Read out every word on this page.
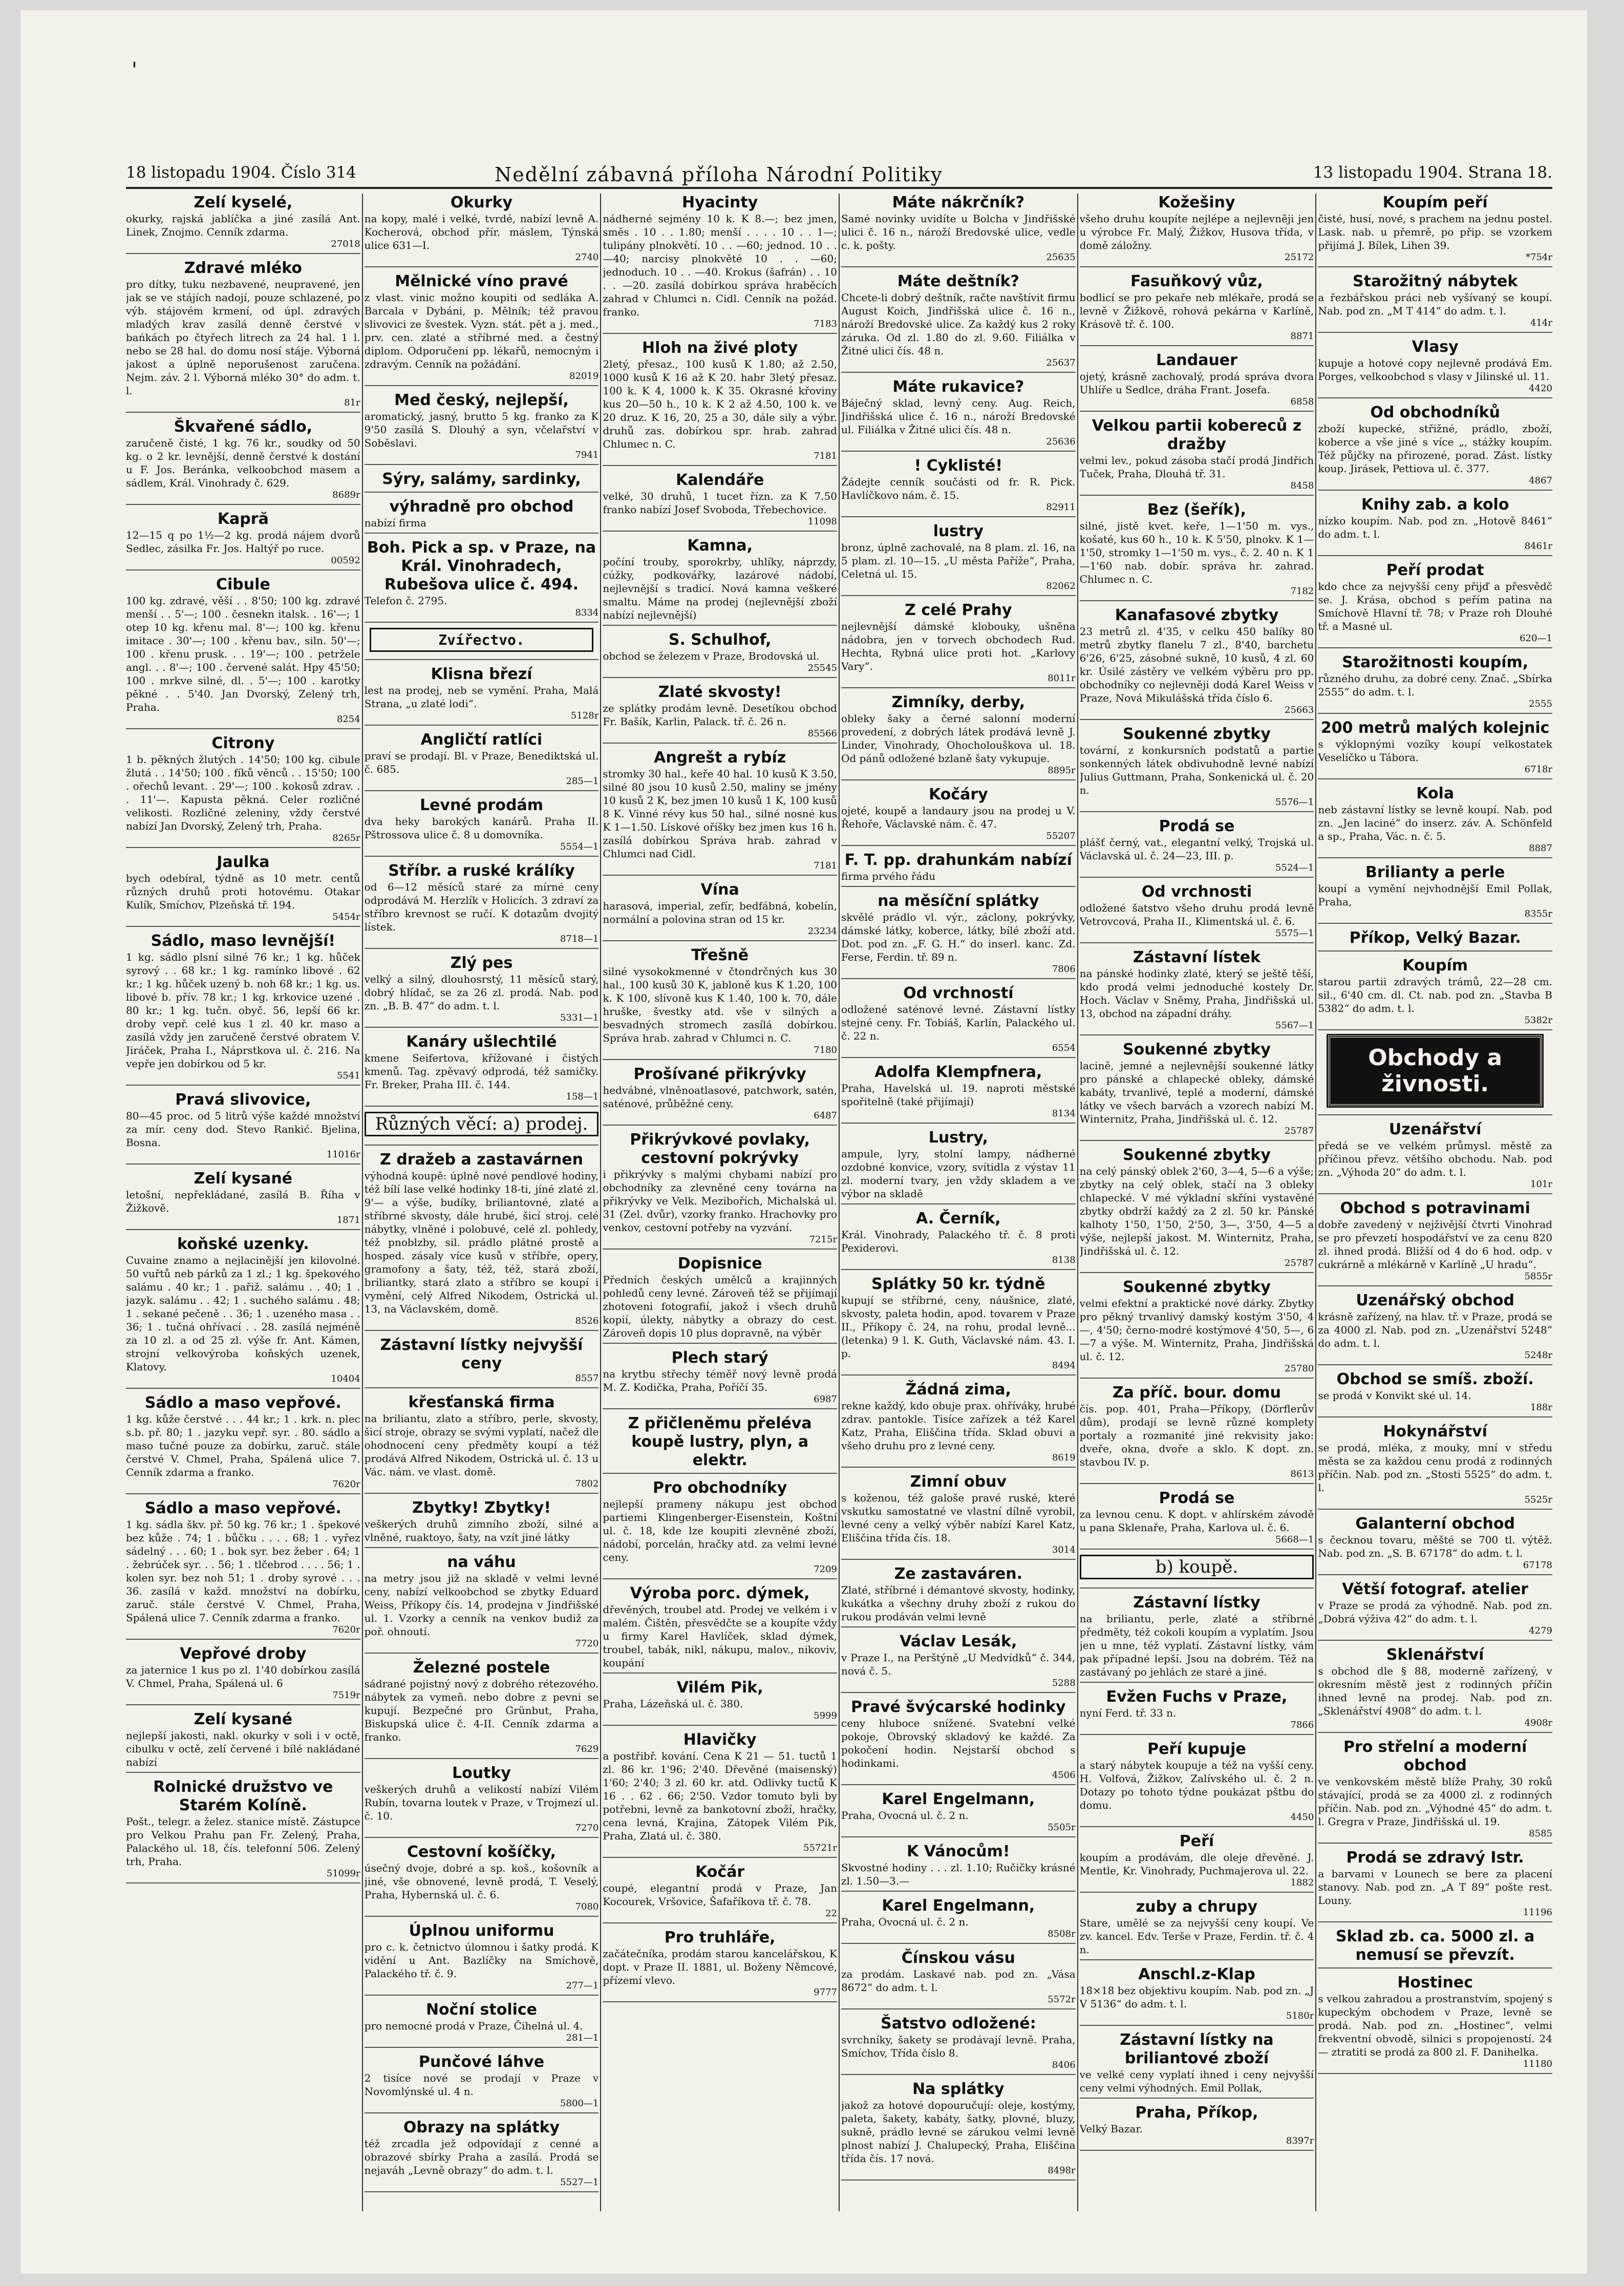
'
18 listopadu 1904. Číslo 314	Nedělní zábavná příloha Národní Politiky	13 listopadu 1904. Strana 18.
Zelí kyselé,
okurky, rajská jablíčka a jiné zasílá Ant. Linek, Znojmo. Cenník zdarma.
27018
Zdravé mléko
pro dítky, tuku nezbavené, neupravené, jen jak se ve stájích nadojí, pouze schlazené, po výb. stájovém krmení, od úpl. zdravých mladých krav zasílá denně čerstvé v bańkách po čtyřech litrech za 24 hal. 1 l. nebo se 28 hal. do domu nosí stáje. Výborná jakost a úplně neporušenost zaručena. Nejm. záv. 2 l. Výborná mléko 30° do adm. t. l.
81r
Škvařené sádlo,
zaručeně čisté, 1 kg. 76 kr., soudky od 50 kg. o 2 kr. levnější, denně čerstvé k dostání u F. Jos. Beránka, velkoobchod masem a sádlem, Král. Vinohrady č. 629.
8689r
Kapră
12—15 q po 1½—2 kg. prodá nájem dvorů Sedlec, zásilka Fr. Jos. Haltýř po ruce.
00592
Cibule
100 kg. zdravé, věší . . 8'50; 100 kg. zdravé menší . . 5'—; 100 . česnekn italsk. . 16'—; 1 otep 10 kg. křenu mal. 8'—; 100 kg. křenu imitace . 30'—; 100 . křenu bav., siln. 50'—; 100 . křenu prusk. . . 19'—; 100 . petržele angl. . . 8'—; 100 . červené salát. Hpy 45'50; 100 . mrkve silné, dl. . 5'—; 100 . karotky pěkné . . 5'40. Jan Dvorský, Zelený trh, Praha.
8254
Citrony
1 b. pěkných žlutých . 14'50; 100 kg. cibule žlutá . . 14'50; 100 . fíků věnců . . 15'50; 100 . ořechů levant. . 29'—; 100 . kokosů zdrav. . . 11'—. Kapusta pěkná. Celer rozličné velikosti. Rozličné zeleniny, vždy čerstvé nabízí Jan Dvorský, Zelený trh, Praha.
8265r
Jaulka
bych odebíral, týdně as 10 metr. centů různých druhů proti hotovému. Otakar Kulík, Smíchov, Plzeňská tř. 194.
5454r
Sádlo, maso levnější!
1 kg. sádlo plsní silné 76 kr.; 1 kg. hůček syrový . . 68 kr.; 1 kg. ramínko libové . 62 kr.; 1 kg. hůček uzený b. noh 68 kr.; 1 kg. us. libové b. přív. 78 kr.; 1 kg. krkovice uzené . 80 kr.; 1 kg. tučn. obyč. 56, lepší 66 kr. droby vepř. celé kus 1 zl. 40 kr. maso a zasílá vždy jen zaručeně čerstvé obratem V. Jiráček, Praha I., Náprstkova ul. č. 216. Na vepře jen dobírkou od 5 kr.
5541
Pravá slivovice,
80—45 proc. od 5 litrů výše každé množství za mír. ceny dod. Stevo Rankić. Bjelina, Bosna.
11016r
Zelí kysané
letošní, nepřekládané, zasílá B. Říha v Žižkově.
1871
koňské uzenky.
Cuvaine znamo a nejlacinější jen kilovolné. 50 vuřtů neb párků za 1 zl.; 1 kg. špekového salámu . 40 kr.; 1 . pařiž. salámu . . 40; 1 . jazyk. salámu . . 42; 1 . suchého salámu . 48; 1 . sekané pečeně . . 36; 1 . uzeného masa . . 36; 1 . tučná ohřívací . . 28. zasílá nejméně za 10 zl. a od 25 zl. výše fr. Ant. Kámen, strojní velkovýroba koňských uzenek, Klatovy.
10404
Sádlo a maso vepřové.
1 kg. kůže čerstvé . . . 44 kr.; 1 . krk. n. plec s.b. př. 80; 1 . jazyku vepř. syr. . 80. sádlo a maso tučné pouze za dobírku, zaruč. stále čerstvé V. Chmel, Praha, Spálená ulice 7. Cenník zdarma a franko.
7620r
Sádlo a maso vepřové.
1 kg. sádla škv. př. 50 kg. 76 kr.; 1 . špekové bez kůže . 74; 1 . bůčku . . . . 68; 1 . vyřez sádelný . . . 60; 1 . bok syr. bez žeber . 64; 1 . žebrúček syr. . . 56; 1 . tlčebrod . . . . 56; 1 . kolen syr. bez noh 51; 1 . droby syrové . . . 36. zasílá v každ. množství na dobírku, zaruč. stále čerstvé V. Chmel, Praha, Spálená ulice 7. Cenník zdarma a franko.
7620r
Vepřové droby
za jaternice 1 kus po zl. 1'40 dobírkou zasílá V. Chmel, Praha, Spálená ul. 6
7519r
Zelí kysané
nejlepší jakosti, nakl. okurky v soli i v octě, cibulku v octě, zelí červené i bílé nakládané nabízí
Rolnické družstvo ve Starém Kolíně.
Pošt., telegr. a želez. stanice místě. Zástupce pro Velkou Prahu pan Fr. Zelený, Praha, Palackého ul. 18, čís. telefonní 506. Zelený trh, Praha.
51099r
Okurky
na kopy, malé i velké, tvrdé, nabízí levně A. Kocherová, obchod přír. máslem, Týnská ulice 631—I.
2740
Mělnické víno pravé
z vlast. vinic možno koupiti od sedláka A. Barcala v Dybáni, p. Mělník; též pravou slivovici ze švestek. Vyzn. stát. pět a j. med., prv. cen. zlaté a stříbrné med. a čestný diplom. Odporučení pp. lékařů, nemocným i zdravým. Cenník na požádání.
82019
Med český, nejlepší,
aromatický, jasný, brutto 5 kg. franko za K 9'50 zasílá S. Dlouhý a syn, včelařství v Soběslavi.
7941
Sýry, salámy, sardinky,
výhradně pro obchod
nabízí firma
Boh. Pick a sp. v Praze, na Král. Vinohradech, Rubešova ulice č. 494.
Telefon č. 2795.
8334
Zvířectvo.
Klisna březí
lest na prodej, neb se vymění. Praha, Malá Strana, „u zlaté lodi“.
5128r
Angličtí ratlíci
praví se prodají. Bl. v Praze, Benediktská ul. č. 685.
285—1
Levné prodám
dva heky barokých kanárů. Praha II. Pštrossova ulice č. 8 u domovníka.
5554—1
Stříbr. a ruské králíky
od 6—12 měsíců staré za mírné ceny odprodává M. Herzlík v Holicích. 3 zdraví za stříbro krevnost se ručí. K dotazům dvojitý lístek.
8718—1
Zlý pes
velký a silný, dlouhosrstý, 11 měsíců starý, dobrý hlídač, se za 26 zl. prodá. Nab. pod zn. „B. B. 47“ do adm. t. l.
5331—1
Kanáry ušlechtilé
kmene Seifertova, křížované i čistých kmenů. Tag. zpěvavý odprodá, též samičky. Fr. Breker, Praha III. č. 144.
158—1
Různých věcí: a) prodej.
Z dražeb a zastavárnen
výhodná koupě: úplně nové pendlové hodiny, též bílí lase velké hodinky 18-ti, jíné zlaté zl. 9'— a výše, budíky, briliantovné, zlaté a stříbrné skvosty, dále hrubé, šicí stroj. celé nábytky, vlněné i polobuvé, celé zl. pohledy, též pnoblzby, sil. prádlo plátné prostě a hosped. zásaly více kusů v stříbře, opery, gramofony a šaty, též, též, stará zboží, briliantky, stará zlato a stříbro se koupí i vymění, celý Alfred Nikodem, Ostrická ul. 13, na Václavském, domě.
8526
Zástavní lístky nejvyšší ceny
8557
křesťanská firma
na briliantu, zlato a stříbro, perle, skvosty, šicí stroje, obrazy se svými vyplatí, načež dle ohodnocení ceny předměty koupí a též prodává Alfred Nikodem, Ostrická ul. č. 13 u Vác. nám. ve vlast. domě.
7802
Zbytky! Zbytky!
veškerých druhů zimního zboží, silné a vlněné, ruaktoyo, šaty, na vzít jiné látky
na váhu
na metry jsou již na skladě v velmi levné ceny, nabízí velkoobchod se zbytky Eduard Weiss, Příkopy čís. 14, prodejna v Jindřišské ul. 1. Vzorky a cenník na venkov budiž za poř. ohnoutí.
7720
Železné postele
sádrané pojistný nový z dobrého rétezového. nábytek za vymeň. nebo dobre z pevni se kupují. Bezpečné pro Grünbut, Praha, Biskupská ulice č. 4-II. Cenník zdarma a franko.
7629
Loutky
veškerých druhů a velikostí nabízí Vilém Rubín, tovarna loutek v Praze, v Trojmezí ul. č. 10.
7270
Cestovní košíčky,
úsečný dvoje, dobré a sp. koš., košovník a jiné, vše obnovené, levně prodá, T. Veselý, Praha, Hybernská ul. č. 6.
7080
Úplnou uniformu
pro c. k. četnictvo úlomnou i šatky prodá. K vidění u Ant. Bazlíčky na Smíchově, Palackého tř. č. 9.
277—1
Noční stolice
pro nemocné prodá v Praze, Čihelná ul. 4.
281—1
Punčové láhve
2 tisíce nové se prodají v Praze v Novomlýnské ul. 4 n.
5800—1
Obrazy na splátky
též zrcadla jež odpovídají z cenné a obrazové sbírky Praha a zasílá. Prodá se nejaváh „Levně obrazy“ do adm. t. l.
5527—1
Hyacinty
nádherné sejmény 10 k. K 8.—; bez jmen, směs . 10 . . 1.80; menší . . . . 10 . . 1—; tulipány plnokvětí. 10 . . —60; jednod. 10 . . —40; narcisy plnokvěté 10 . . —60; jednoduch. 10 . . —40. Krokus (šafrán) . . 10 . . —20. zasílá dobírkou správa hraběcích zahrad v Chlumci n. Cidl. Cenník na požád. franko.
7183
Hloh na živé ploty
2letý, přesaz., 100 kusů K 1.80; až 2.50, 1000 kusů K 16 až K 20. habr 3letý přesaz. 100 k. K 4, 1000 k. K 35. Okrasné křoviny kus 20—50 h., 10 k. K 2 až 4.50, 100 k. ve 20 druz. K 16, 20, 25 a 30, dále sily a výbr. druhů zas. dobírkou spr. hrab. zahrad Chlumec n. C.
7181
Kalendáře
velké, 30 druhů, 1 tucet řízn. za K 7.50 franko nabízí Josef Svoboda, Třebechovice.
11098
Kamna,
počíní trouby, sporokrby, uhlíky, náprzdy, cúžky, podkovářky, lazárové nádobí, nejlevnější s tradicí. Nová kamna veškeré smaltu. Máme na prodej (nejlevnější zboží nabízí nejlevnější)
S. Schulhof,
obchod se železem v Praze, Brodovská ul.
25545
Zlaté skvosty!
ze splátky prodám levně. Desetíkou obchod Fr. Bašík, Karlin, Palack. tř. č. 26 n.
85566
Angrešt a rybíz
stromky 30 hal., keře 40 hal. 10 kusů K 3.50, silné 80 jsou 10 kusů 2.50, maliny se jmény 10 kusů 2 K, bez jmen 10 kusů 1 K, 100 kusů 8 K. Vinné révy kus 50 hal., silné nosné kus K 1—1.50. Lískové oříšky bez jmen kus 16 h. zasílá dobírkou Správa hrab. zahrad v Chlumci nad Cidl.
7181
Vína
harasová, imperial, zefír, bedfábná, kobelín, normální a polovina stran od 15 kr.
23234
Třešně
silné vysokokmenné v čtondrčných kus 30 hal., 100 kusů 30 K, jabloně kus K 1.20, 100 k. K 100, slívoně kus K 1.40, 100 k. 70, dále hruške, švestky atd. vše v silných a besvadných stromech zasílá dobírkou. Správa hrab. zahrad v Chlumci n. C.
7180
Prošívané přikrývky
hedvábné, vlněnoatlasové, patchwork, satén, saténové, průběžné ceny.
6487
Přikrývkové povlaky, cestovní pokrývky
i přikrývky s malými chybami nabízí pro obchodníky za zlevněné ceny továrna na přikrývky ve Velk. Mezibořích, Michalská ul. 31 (Zel. dvůr), vzorky franko. Hrachovky pro venkov, cestovní potřeby na vyzvání.
7215r
Dopisnice
Předních českých umělců a krajinných pohledů ceny levné. Zároveň též se přijímají zhotoveni fotografií, jakož i všech druhů kopií, úlekty, nábytky a obrazy do cest. Zároveň dopis 10 plus dopravně, na výběr
Plech starý
na krytbu střechy téměř nový levně prodá M. Z. Kodička, Praha, Poříčí 35.
6987
Z přičleněmu přeléva koupě lustry, plyn, a elektr.
Pro obchodníky
nejlepší prameny nákupu jest obchod partiemi Klingenberger-Eisenstein, Koštní ul. č. 18, kde lze koupiti zlevněné zboží, nádobí, porcelán, hračky atd. za velmi levné ceny.
7209
Výroba porc. dýmek,
dřevěných, troubel atd. Prodej ve velkém i v malém. Čištěn, přesvědčte se a koupíte vždy u firmy Karel Havlíček, sklad dýmek, troubel, tabák, nikl, nákupu, malov., nikoviv, koupání
Vilém Pik,
Praha, Lázeňská ul. č. 380.
5999
Hlavičky
a postřibř. kování. Cena K 21 — 51. tuctů 1 zl. 86 kr. 1'96; 2'40. Dřevěné (maisenský) 1'60; 2'40; 3 zl. 60 kr. atd. Odlivky tuctů K 16 . . 62 . 66; 2'50. Vzdor tomuto byli by potřebni, levně za bankotovní zboží, hračky, cena levná, Krajina, Zátopek Vilém Pik, Praha, Zlatá ul. č. 380.
55721r
Kočár
coupé, elegantní prodá v Praze, Jan Kocourek, Vršovice, Šafaříkova tř. č. 78.
22
Pro truhláře,
začátečníka, prodám starou kancelářskou, K dopt. v Praze II. 1881, ul. Boženy Němcové, přízemí vlevo.
9777
Máte nákrčník?
Samé novinky uvidíte u Bolcha v Jindřišské ulici č. 16 n., nároží Bredovské ulice, vedle c. k. pošty.
25635
Máte deštník?
Chcete-li dobrý deštník, račte navštívit firmu August Koich, Jindřišská ulice č. 16 n., nároží Bredovské ulice. Za každý kus 2 roky záruka. Od zl. 1.80 do zl. 9.60. Filiálka v Žitné ulici čís. 48 n.
25637
Máte rukavice?
Báječný sklad, levný ceny. Aug. Reich, Jindřišská ulice č. 16 n., nároží Bredovské ul. Filiálka v Žitné ulici čís. 48 n.
25636
! Cyklisté!
Žádejte cenník součásti od fr. R. Pick. Havlíčkovo nám. č. 15.
82911
lustry
bronz, úplně zachovalé, na 8 plam. zl. 16, na 5 plam. zl. 10—15. „U města Paříže“, Praha, Celetná ul. 15.
82062
Z celé Prahy
nejlevnější dámské klobouky, ušněna nádobra, jen v torvech obchodech Rud. Hechta, Rybná ulice proti hot. „Karlovy Vary“.
8011r
Zimníky, derby,
obleky šaky a černé salonní moderní provedení, z dobrých látek prodává levně J. Linder, Vinohrady, Ohocholouškova ul. 18. Od pánů odložené bzlaně šaty vykupuje.
8895r
Kočáry
ojeté, koupě a landaury jsou na prodej u V. Řehoře, Václavské nám. č. 47.
55207
F. T. pp. drahunkám nabízí
firma prvého řádu
na měsíční splátky
skvělé prádlo vl. výr., záclony, pokrývky, dámské látky, koberce, látky, bílé zboží atd. Dot. pod zn. „F. G. H.“ do inserl. kanc. Zd. Ferse, Ferdin. tř. 89 n.
7806
Od vrchností
odložené saténové levné. Zástavní lístky stejné ceny. Fr. Tobiáš, Karlín, Palackého ul. č. 22 n.
6554
Adolfa Klempfnera,
Praha, Havelská ul. 19. naproti městské spořitelně (také přijímají)
8134
Lustry,
ampule, lyry, stolní lampy, nádherné ozdobné konvice, vzory, svítidla z výstav 11 zl. moderní tvary, jen vždy skladem a ve výbor na skladě
A. Černík,
Král. Vinohrady, Palackého tř. č. 8 proti Pexiderovi.
8138
Splátky 50 kr. týdně
kupují se stříbrné, ceny, náušnice, zlaté, skvosty, paleta hodin, apod. tovarem v Praze II., Příkopy č. 24, na rohu, prodal levně... (letenka) 9 l. K. Guth, Václavské nám. 43. I. p.
8494
Žádná zima,
rekne každý, kdo obuje prax. ohříváky, hrubé zdrav. pantokle. Tisíce zařízek a též Karel Katz, Praha, Eliščina třída. Sklad obuvi a všeho druhu pro z levné ceny.
8619
Zimní obuv
s koženou, též galoše pravé ruské, které vskutku samostatné ve vlastní dílně vyrobil, levné ceny a velký výběr nabízí Karel Katz, Eliščina třída čís. 18.
3014
Ze zastaváren.
Zlaté, stříbrné i démantové skvosty, hodinky, kukátka a všechny druhy zboží z rukou do rukou prodáván velmi levně
Václav Lesák,
v Praze I., na Perštýně „U Medvídků“ č. 344, nová č. 5.
5288
Pravé švýcarské hodinky
ceny hluboce snížené. Svatební velké pokoje, Obrovský skladový ke každé. Za pokočení hodin. Nejstarší obchod s hodinkami.
4506
Karel Engelmann,
Praha, Ovocná ul. č. 2 n.
5505r
K Vánocům!
Skvostné hodiny . . . zl. 1.10; Ručičky krásné zl. 1.50—3.—
Karel Engelmann,
Praha, Ovocná ul. č. 2 n.
8508r
Čínskou vásu
za prodám. Laskavé nab. pod zn. „Vása 8672“ do adm. t. l.
5572r
Šatstvo odložené:
svrchníky, šakety se prodávají levně. Praha, Smíchov, Třída číslo 8.
8406
Na splátky
jakož za hotové dopouručují: oleje, kostýmy, paleta, šakety, kabáty, šatky, plovné, bluzy, sukně, prádlo levné se zárukou velmi levně plnost nabízí J. Chalupecký, Praha, Eliščina třída čís. 17 nová.
8498r
Kožešiny
všeho druhu koupíte nejlépe a nejlevněji jen u výrobce Fr. Malý, Žižkov, Husova třída, v domě záložny.
25172
Fasuňkový vůz,
bodlicí se pro pekaře neb mlékaře, prodá se levně v Žižkově, rohová pekárna v Karlíně, Krásově tř. č. 100.
8871
Landauer
ojetý, krásně zachovalý, prodá správa dvora Uhlíře u Sedlce, dráha Frant. Josefa.
6858
Velkou partii kobereců z dražby
velmi lev., pokud zásoba stačí prodá Jindřich Tuček, Praha, Dlouhá tř. 31.
8458
Bez (šeřík),
silné, jistě kvet. keře, 1—1'50 m. vys., košaté, kus 60 h., 10 k. K 5'50, plnokv. K 1—1'50, stromky 1—1'50 m. vys., č. 2. 40 n. K 1—1'60 nab. dobír. správa hr. zahrad. Chlumec n. C.
7182
Kanafasové zbytky
23 metrů zl. 4'35, v celku 450 balíky 80 metrů zbytky flanelu 7 zl., 8'40, barchetu 6'26, 6'25, zásobné sukně, 10 kusů, 4 zl. 60 kr. Úsilé zástěry ve velkém výběru pro pp. obchodníky co nejlevněji dodá Karel Weiss v Praze, Nová Mikulášská třída číslo 6.
25663
Soukenné zbytky
tovární, z konkursních podstatů a partie sonkenných látek obdivuhodně levné nabízí Julius Guttmann, Praha, Sonkenická ul. č. 20 n.
5576—1
Prodá se
plášť černý, vat., elegantní velký, Trojská ul. Václavská ul. č. 24—23, III. p.
5524—1
Od vrchnosti
odložené šatstvo všeho druhu prodá levně Vetrovcová, Praha II., Klimentská ul. č. 6.
5575—1
Zástavní lístek
na pánské hodinky zlaté, který se ještě těší, kdo prodá velmi jednoduché kostely Dr. Hoch. Václav v Sněmy, Praha, Jindřišská ul. 13, obchod na západní dráhy.
5567—1
Soukenné zbytky
lacině, jemné a nejlevnější soukenné látky pro pánské a chlapecké obleky, dámské kabáty, trvanlivé, teplé a moderní, dámské látky ve všech barvách a vzorech nabízí M. Winternitz, Praha, Jindřišská ul. č. 12.
25787
Soukenné zbytky
na celý pánský oblek 2'60, 3—4, 5—6 a výše; zbytky na celý oblek, stačí na 3 obleky chlapecké. V mé výkladní skříni vystavěné zbytky obdrží každý za 2 zl. 50 kr. Pánské kalhoty 1'50, 1'50, 2'50, 3—, 3'50, 4—5 a výše, nejlepší jakost. M. Winternitz, Praha, Jindřišská ul. č. 12.
25787
Soukenné zbytky
velmi efektní a praktické nové dárky. Zbytky pro pěkný trvanlivý damský kostým 3'50, 4—, 4'50; černo-modré kostýmové 4'50, 5—, 6—7 a výše. M. Winternitz, Praha, Jindřišská ul. č. 12.
25780
Za příč. bour. domu
čís. pop. 401, Praha—Příkopy, (Dörflerův dům), prodají se levně různé komplety portaly a rozmanité jiné rekvisity jako: dveře, okna, dvoře a sklo. K dopt. zn. stavbou IV. p.
8613
Prodá se
za levnou cenu. K dopt. v ahlírském závodě u pana Sklenaře, Praha, Karlova ul. č. 6.
5668—1
b) koupě.
Zástavní lístky
na briliantu, perle, zlaté a stříbrné předměty, též cokoli koupím a vyplatím. Jsou jen u mne, též vyplatí. Zástavní lístky, vám pak případné lepší. Jsou na dobrém. Též na zastávaný po jehlách ze staré a jiné.
Evžen Fuchs v Praze,
nyní Ferd. tř. 33 n.
7866
Peří kupuje
a starý nábytek koupuje a též na vyšší ceny. H. Volfová, Žižkov, Zalívského ul. č. 2 n. Dotazy po tohoto týdne poukázat pštbu do domu.
4450
Peří
koupím a prodávám, dle oleje dřevěné. J. Mentle, Kr. Vinohrady, Puchmajerova ul. 22.
1882
zuby a chrupy
Stare, umělé se za nejvyšší ceny koupí. Ve zv. kancel. Edv. Terše v Praze, Ferdin. tř. č. 4 n.
Anschl.z-Klap
18×18 bez objektivu koupím. Nab. pod zn. „J V 5136“ do adm. t. l.
5180r
Zástavní lístky na briliantové zboží
ve velké ceny vyplatí ihned i ceny nejvyšší ceny velmi výhodných. Emil Pollak,
Praha, Příkop,
Velký Bazar.
8397r
Koupím peří
čisté, husí, nové, s prachem na jednu postel. Lask. nab. u přemrě, po přip. se vzorkem přijímá J. Bílek, Lihen 39.
*754r
Starožitný nábytek
a řezbářskou práci neb vyšívaný se koupí. Nab. pod zn. „M T 414“ do adm. t. l.
414r
Vlasy
kupuje a hotové copy nejlevně prodává Em. Porges, velkoobchod s vlasy v Jilinské ul. 11.
4420
Od obchodníků
zboží kupecké, střižné, prádlo, zboží, koberce a vše jiné s více „, stážky koupím. Též půjčky na přirozené, porad. Zást. lístky koup. Jirásek, Pettiova ul. č. 377.
4867
Knihy zab. a kolo
nízko koupím. Nab. pod zn. „Hotově 8461“ do adm. t. l.
8461r
Peří prodat
kdo chce za nejvyšší ceny přijď a přesvědč se. J. Krása, obchod s peřím patina na Smíchově Hlavní tř. 78; v Praze roh Dlouhé tř. a Masné ul.
620—1
Starožitnosti koupím,
různého druhu, za dobré ceny. Znač. „Sbírka 2555“ do adm. t. l.
2555
200 metrů malých kolejnic
s výklopnými vozíky koupí velkostatek Veselíčko u Tábora.
6718r
Kola
neb zástavní lístky se levně koupí. Nab. pod zn. „Jen laciné“ do inserz. záv. A. Schönfeld a sp., Praha, Vác. n. č. 5.
8887
Brilianty a perle
koupí a vymění nejvhodnější Emil Pollak, Praha,
8355r
Příkop, Velký Bazar.
Koupím
starou partii zdravých trámů, 22—28 cm. sil., 6'40 cm. dl. Ct. nab. pod zn. „Stavba B 5382“ do adm. t. l.
5382r
Obchody a živnosti.
Uzenářství
předá se ve velkém průmysl. městě za příčinou převz. většího obchodu. Nab. pod zn. „Výhoda 20“ do adm. t. l.
101r
Obchod s potravinami
dobře zavedený v nejživější čtvrti Vinohrad se pro převzetí hospodářství ve za cenu 820 zl. ihned prodá. Bližší od 4 do 6 hod. odp. v cukrárně a mlékárně v Karlíně „U hradu“.
5855r
Uzenářský obchod
krásně zařízený, na hlav. tř. v Praze, prodá se za 4000 zl. Nab. pod zn. „Uzenářství 5248“ do adm. t. l.
5248r
Obchod se smíš. zboží.
se prodá v Konvikt ské ul. 14.
188r
Hokynářství
se prodá, mléka, z mouky, mní v středu města se za každou cenu prodá z rodinných příčin. Nab. pod zn. „Stosti 5525“ do adm. t. l.
5525r
Galanterní obchod
s čecknou tovaru, měšté se 700 tl. výtěž. Nab. pod zn. „S. B. 67178“ do adm. t. l.
67178
Větší fotograf. atelier
v Praze se prodá za výhodně. Nab. pod zn. „Dobrá výživa 42“ do adm. t. l.
4279
Sklenářství
s obchod dle § 88, moderně zařízený, v okresním městě jest z rodinných příčin ihned levně na prodej. Nab. pod zn. „Sklenářství 4908“ do adm. t. l.
4908r
Pro střelní a moderní obchod
ve venkovském městě blíže Prahy, 30 roků stávající, prodá se za 4000 zl. z rodinných příčin. Nab. pod zn. „Výhodné 45“ do adm. t. l. Gregra v Praze, Jindřišská ul. 19.
8585
Prodá se zdravý Istr.
a barvami v Lounech se bere za placení stanovy. Nab. pod zn. „A T 89“ pošte rest. Louny.
11196
Sklad zb. ca. 5000 zl. a nemusí se převzít.
Hostinec
s velkou zahradou a prostranstvím, spojený s kupeckým obchodem v Praze, levně se prodá. Nab. pod zn. „Hostinec“, velmi frekventní obvodě, silnici s propojeností. 24 — ztratiti se prodá za 800 zl. F. Danihelka.
11180
